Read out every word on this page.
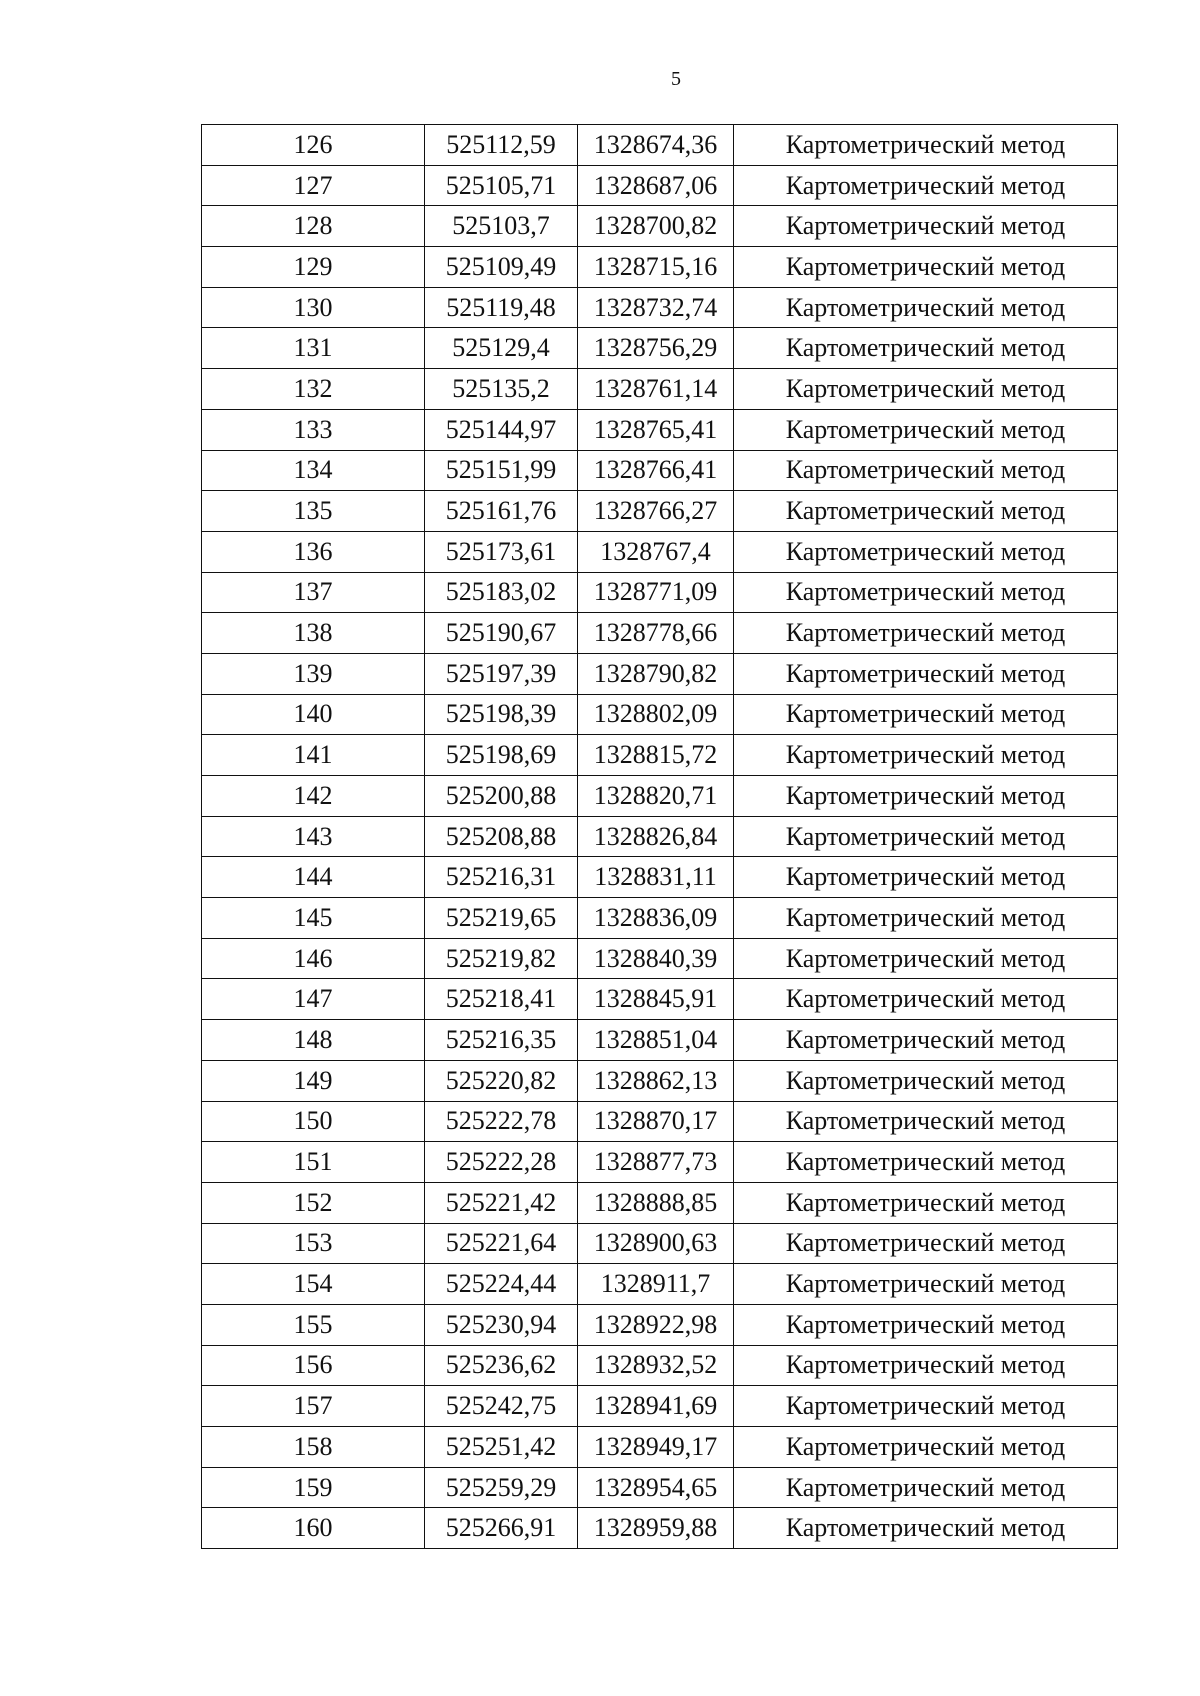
5
126	525112,59	1328674,36	Картометрический метод
127	525105,71	1328687,06	Картометрический метод
128	525103,7	1328700,82	Картометрический метод
129	525109,49	1328715,16	Картометрический метод
130	525119,48	1328732,74	Картометрический метод
131	525129,4	1328756,29	Картометрический метод
132	525135,2	1328761,14	Картометрический метод
133	525144,97	1328765,41	Картометрический метод
134	525151,99	1328766,41	Картометрический метод
135	525161,76	1328766,27	Картометрический метод
136	525173,61	1328767,4	Картометрический метод
137	525183,02	1328771,09	Картометрический метод
138	525190,67	1328778,66	Картометрический метод
139	525197,39	1328790,82	Картометрический метод
140	525198,39	1328802,09	Картометрический метод
141	525198,69	1328815,72	Картометрический метод
142	525200,88	1328820,71	Картометрический метод
143	525208,88	1328826,84	Картометрический метод
144	525216,31	1328831,11	Картометрический метод
145	525219,65	1328836,09	Картометрический метод
146	525219,82	1328840,39	Картометрический метод
147	525218,41	1328845,91	Картометрический метод
148	525216,35	1328851,04	Картометрический метод
149	525220,82	1328862,13	Картометрический метод
150	525222,78	1328870,17	Картометрический метод
151	525222,28	1328877,73	Картометрический метод
152	525221,42	1328888,85	Картометрический метод
153	525221,64	1328900,63	Картометрический метод
154	525224,44	1328911,7	Картометрический метод
155	525230,94	1328922,98	Картометрический метод
156	525236,62	1328932,52	Картометрический метод
157	525242,75	1328941,69	Картометрический метод
158	525251,42	1328949,17	Картометрический метод
159	525259,29	1328954,65	Картометрический метод
160	525266,91	1328959,88	Картометрический метод
